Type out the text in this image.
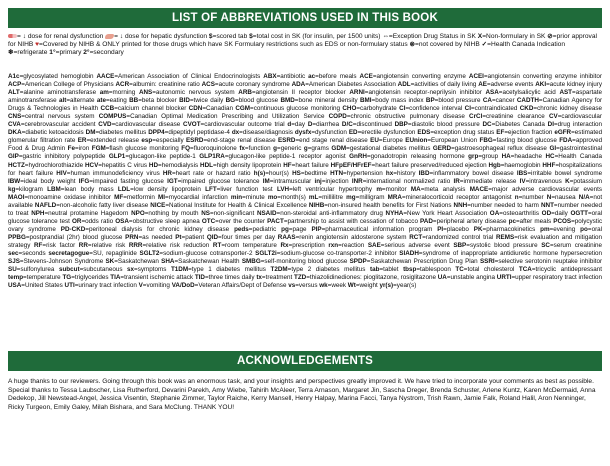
LIST OF ABBREVIATIONS USED IN THIS BOOK
= ↓ dose for renal dysfunction = ↓ dose for hepatic dysfunction $=scored tab $=total cost in SK (for insulin, per 1500 units) ⇔=Exception Drug Status in SK X=Non-formulary in SK ⊘=prior approval for NIHB ♥=Covered by NIHB & ONLY printed for those drugs which have SK Formulary restrictions such as EDS or non-formulary status ⊗=not covered by NIHB ✓=Health Canada Indication ❄=refrigerate 1°=primary 2°=secondary
A1c=glycosylated hemoglobin AACE=American Association of Clinical Endocrinologists ABX=antibiotic ac=before meals ACE=angiotensin converting enzyme ACEI=angiotensin converting enzyme inhibitor ACP=American College of Physicians ACR=albumin: creatinine ratio ACS=acute coronary syndrome ADA=American Diabetes Association ADL=activities of daily living AE=adverse events AKI=acute kidney injury ALT=alanine aminotransferase am=morning ANS=autonomic nervous system ARB=angiotensin II receptor blocker ARNI=angiotensin receptor-neprilysin inhibitor ASA=acetylsalicylic acid AST=aspartate aminotransferase alt=alternate ate=eating BB=beta blocker BID=twice daily BG=blood glucose BMD=bone mineral density BMI=body mass index BP=blood pressure CA=cancer CADTH=Canadian Agency for Drugs & Technologies in Health CCB=calcium channel blocker CDN=Canadian CGM=continuous glucose monitoring CHO=carbohydrate CI=confidence interval CI=contraindicated CKD=chronic kidney disease CNS=central nervous system COMPUS=Canadian Optimal Medication Prescribing and Utilization Service COPD=chronic obstructive pulmonary disease CrCl=creatinine clearance CV=cardiovascular CVA=cerebrovascular accident CVD=cardiovascular disease CVOT=cardiovascular outcome trial d=day D=diarrhea D/C=discontinued DBP=diastolic blood pressure DC=Diabetes Canada DI=drug interaction DKA=diabetic ketoacidosis DM=diabetes mellitus DPP4=dipeptidyl peptidase-4 dx=disease/diagnosis dysfx=dysfunction ED=erectile dysfunction EDS=exception drug status EF=ejection fraction eGFR=estimated glomerular filtration rate ER=extended release esp=especially ESRD=end-stage renal disease ESRD=end stage renal disease EU=Europe EUnion=European Union FBG=fasting blood glucose FDA=approved Food & Drug Admin Fe=iron FGM=flash glucose monitoring FQ=fluoroquinolone fx=function g=generic g=grams GDM=gestational diabetes mellitus GERD=gastroesophageal reflux disease GI=gastrointestinal GIP=gastric inhibitory polypeptide GLP1=glucagon-like peptide-1 GLP1RA=glucagon-like peptide-1 receptor agonist GnRH=gonadotropin releasing hormone grp=group HA=headache HC=Health Canada HCTZ=hydrochlorothiazide HCV=hepatitis C virus HD=hemodialysis HDL=high density lipoprotein HF=heart failure HFpEF/HFrEF=heart failure preserved/reduced ejection Hgb=haemoglobin HHF=hospitalizations for heart failure HIV=human immunodeficiency virus HR=heart rate or hazard ratio h(s)=hour(s) HS=bedtime HTN=hypertension hx=history IBD=inflammatory bowel disease IBS=irritable bowel syndrome IBW=ideal body weight IFG=impaired fasting glucose IGT=impaired glucose tolerance IM=intramuscular inj=injection INR=international normalized ratio IR=immediate release IV=intravenous K=potassium kg=kilogram LBM=lean body mass LDL=low density lipoprotein LFT=liver function test LVH=left ventricular hypertrophy m=monitor MA=meta analysis MACE=major adverse cardiovascular events MAOI=monoamine oxidase inhibitor MF=metformin MI=myocardial infarction min=minute mo=month(s) mL=millilitre mg=milligram MRA=mineralocorticoid receptor antagonist n=number N=nausea N/A=not available NAFLD=non-alcoholic fatty liver disease NICE=National Institute for Health & Clinical Excellence NIHB=non-insured health benefits for First Nations NNH=number needed to harm NNT=number needed to treat NPH=neutral protamine Hagedorn NPO=nothing by mouth NS=non-significant NSAID=non-steroidal anti-inflammatory drug NYHA=New York Heart Association OA=osteoarthritis OD=daily OGTT=oral glucose tolerance test OR=odds ratio OSA=obstructive sleep apnea OTC=over the counter PACT=partnership to assist with cessation of tobacco PAD=peripheral artery disease pc=after meals PCOS=polycystic ovary syndrome PD-CKD=peritoneal dialysis for chronic kidney disease peds=pediatric pg=page PIP=pharmaceutical information program PI=placebo PK=pharmacokinetics pm=evening po=oral PPBG=postprandial (2hr) blood glucose PRN=as needed Pt=patient QID=four times per day RAAS=renin angiotensin aldosterone system RCT=randomized control trial REMS=risk evaluation and mitigation strategy RF=risk factor RR=relative risk RRR=relative risk reduction RT=room temperature Rx=prescription rxn=reaction SAE=serious adverse event SBP=systolic blood pressure SC=serum creatinine sec=seconds secretagogue=SU, repaglinide SGLT2=sodium-glucose cotransporter-2 SGLT2i=sodium-glucose co-transporter-2 inhibitor SIADH=syndrome of inappropriate antidiuretic hormone hypersecretion SJS=Stevens-Johnson Syndrome SK=Saskatchewan SHA=Saskatchewan Health SMBG=self-monitoring blood glucose SPDP=Saskatchewan Prescription Drug Plan SSRI=selective serotonin reuptake inhibitor SU=sulfonylurea subcut=subcutaneous sx=symptoms T1DM=type 1 diabetes mellitus T2DM=type 2 diabetes mellitus tab=tablet tbsp=tablespoon TC=total cholesterol TCA=tricyclic antidepressant temp=temperature TG=triglycerides TIA=transient ischemic attack TID=three times daily tx=treatment TZD=thiazolidinediones: pioglitazone, rosiglitazone UA=unstable angina URTI=upper respiratory tract infection USA=United States UTI=urinary tract infection V=vomiting VA/DoD=Veteran Affairs/Dept of Defense vs=versus wk=week Wt=weight yr(s)=year(s)
ACKNOWLEDGEMENTS
A huge thanks to our reviewers. Going through this book was an enormous task, and your insights and perspectives greatly improved it. We have tried to incorporate your comments as best as possible. Special thanks to Tessa Laubscher, Lisa Rutherford, Devarini Parekh, Amy Wiebe, Tahirih McAleer, Terra Arnason, Margaret Jin, Sascha Dreger, Brenda Schuster, Arlene Kuntz, Karen McDermaid, Anna Dedekop, Jill Newstead-Angel, Jessica Visentin, Stephanie Zimmer, Taylor Raiche, Kerry Mansell, Henry Halpay, Marina Facci, Tanya Nystrom, Trish Rawn, Jamie Falk, Roland Halil, Aron Nenninger, Ricky Turgeon, Emily Galey, Milah Bishara, and Sara McClung. THANK YOU!
